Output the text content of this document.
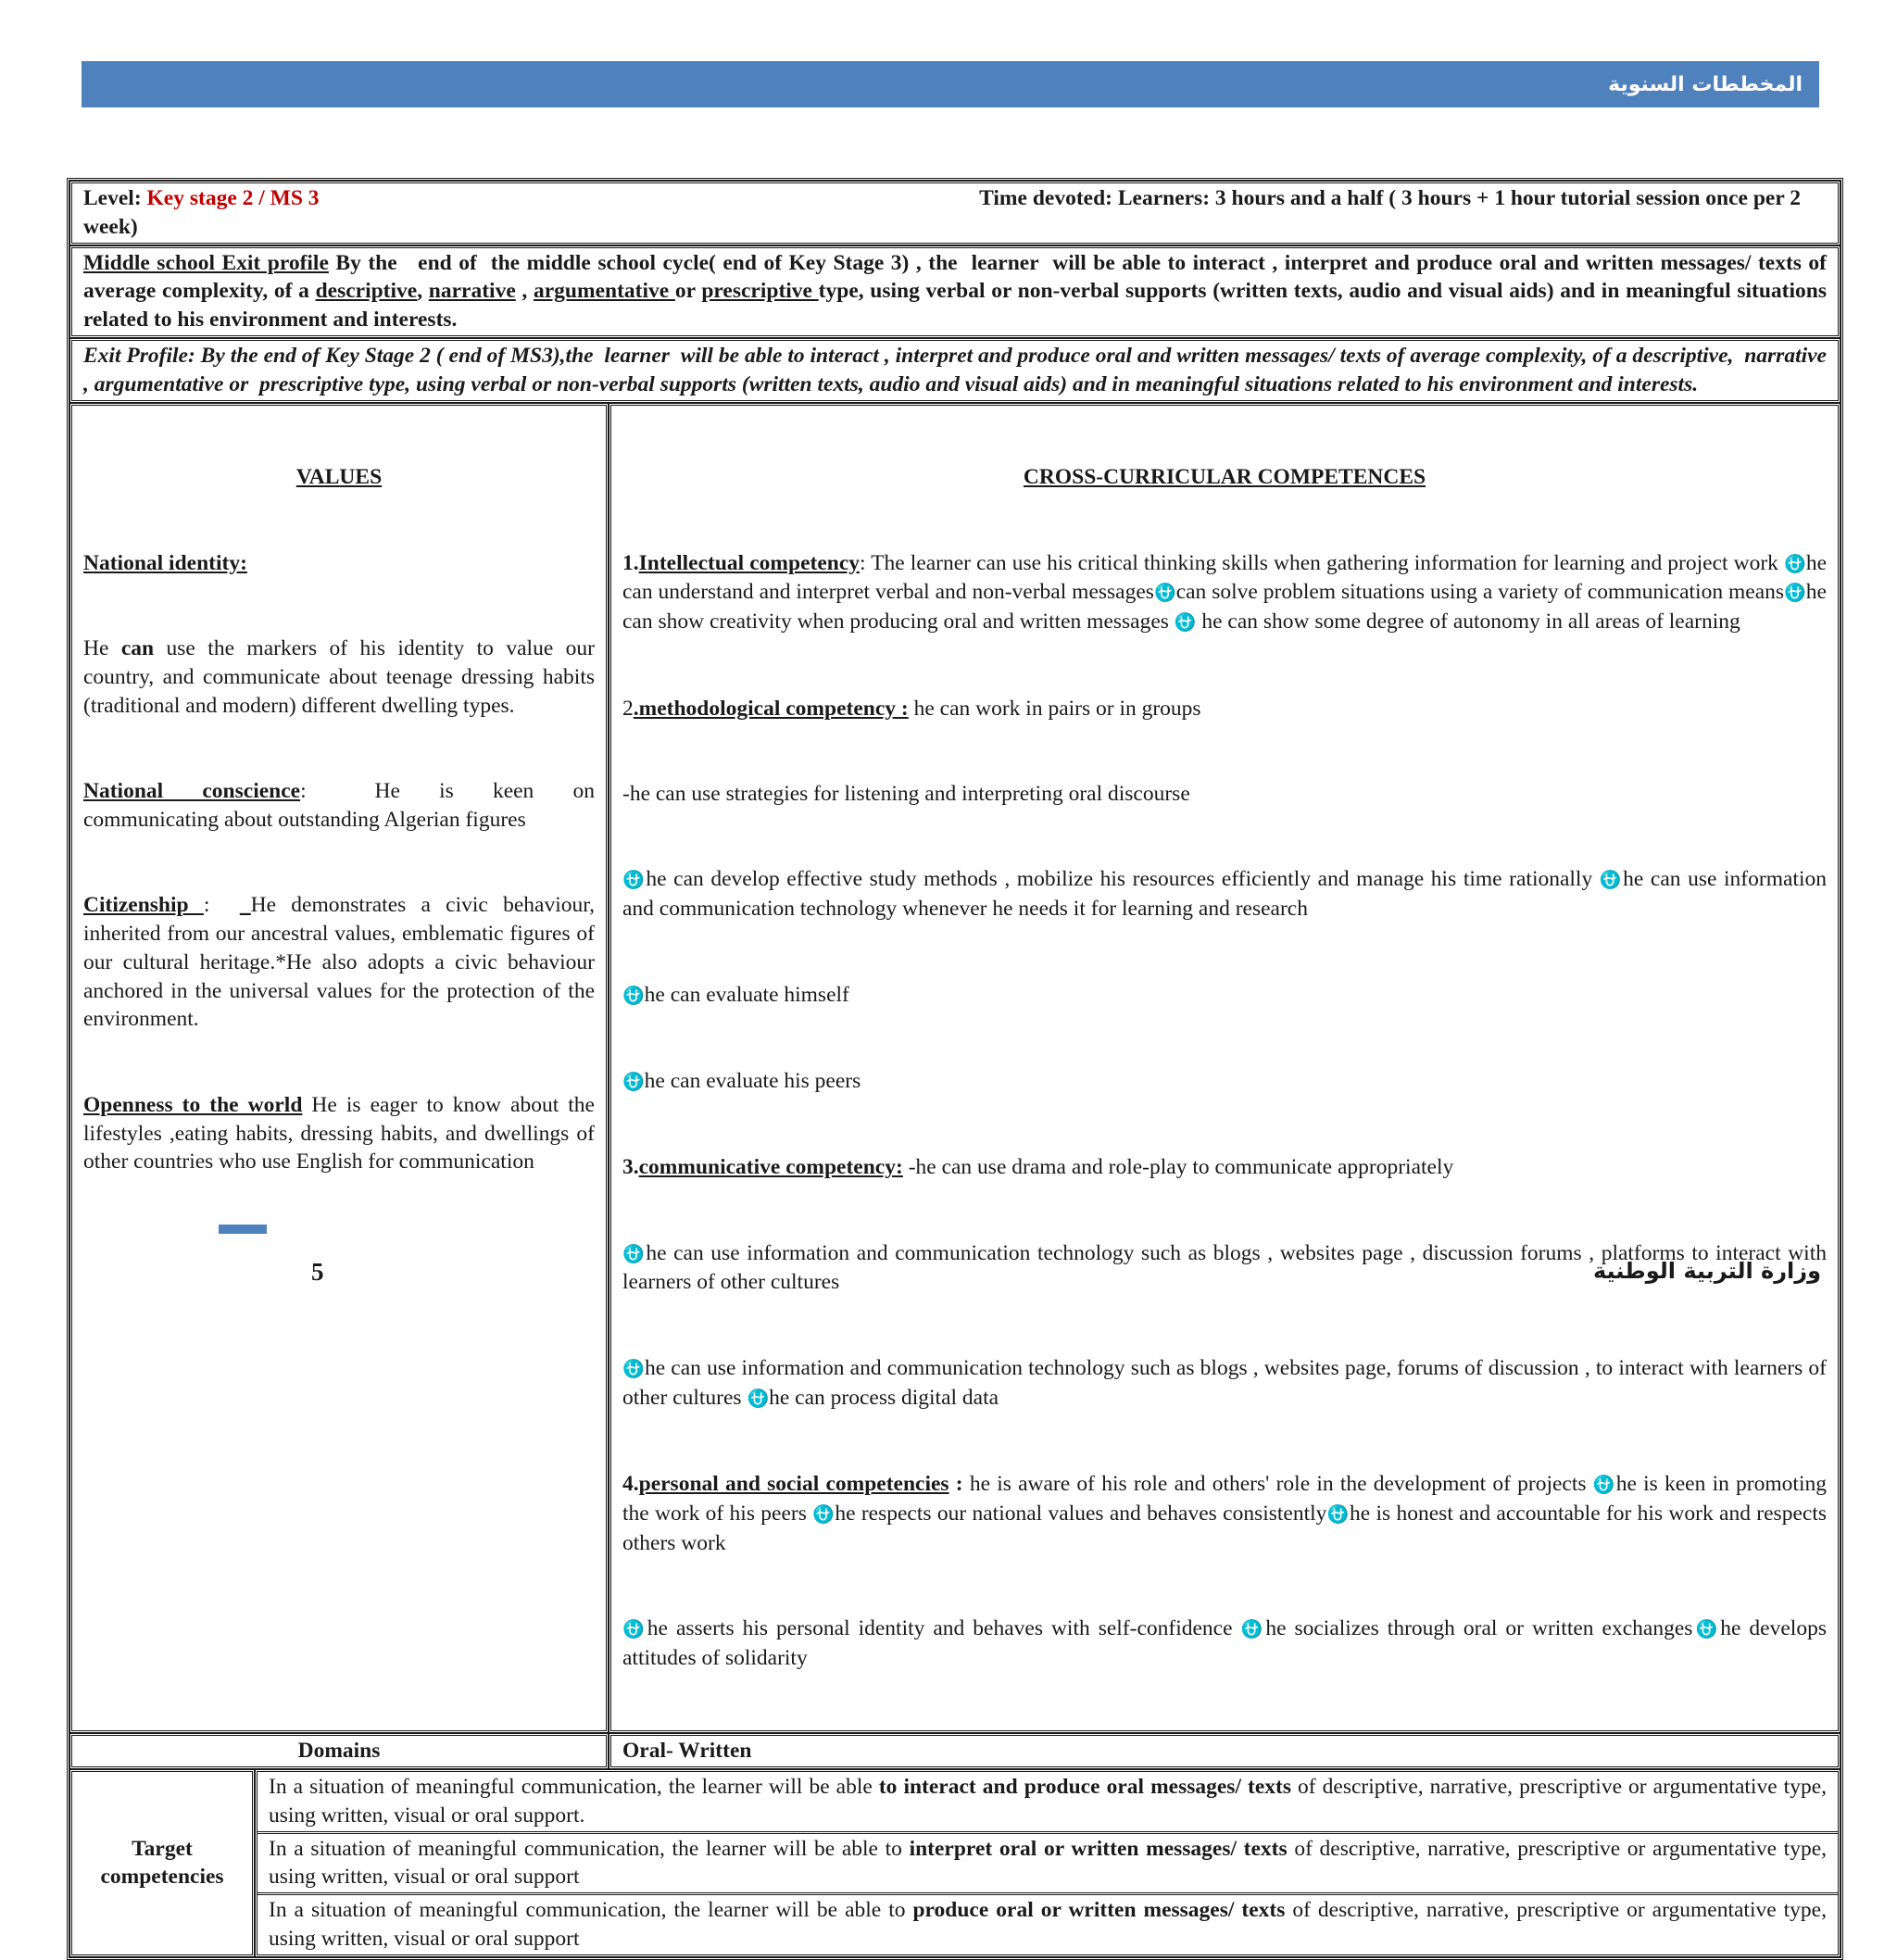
المخططات السنوية
Level: Key stage 2 / MS 3	Time devoted: Learners: 3 hours and a half ( 3 hours + 1 hour tutorial session once per 2
week)

Middle school Exit profile By the   end of  the middle school cycle( end of Key Stage 3) , the  learner  will be able to interact , interpret and produce oral and written messages/ texts of average complexity, of a descriptive, narrative , argumentative or prescriptive type, using verbal or non-verbal supports (written texts, audio and visual aids) and in meaningful situations related to his environment and interests.
Exit Profile: By the end of Key Stage 2 ( end of MS3),the  learner  will be able to interact , interpret and produce oral and written messages/ texts of average complexity, of a descriptive,  narrative , argumentative or  prescriptive type, using verbal or non-verbal supports (written texts, audio and visual aids) and in meaningful situations related to his environment and interests.

VALUES

National identity:

He can use the markers of his identity to value our country, and communicate about teenage dressing habits (traditional and modern) different dwelling types.

National    conscience:       He    is    keen    on communicating about outstanding Algerian figures

Citizenship :  _He demonstrates a civic behaviour, inherited from our ancestral values, emblematic figures of our cultural heritage.*He also adopts a civic behaviour anchored in the universal values for the protection of the environment.

Openness to the world He is eager to know about the lifestyles ,eating habits, dressing habits, and dwellings of other countries who use English for communication

CROSS-CURRICULAR COMPETENCES

1.Intellectual competency: The learner can use his critical thinking skills when gathering information for learning and project work ⛎he can understand and interpret verbal and non-verbal messages⛎can solve problem situations using a variety of communication means⛎he can show creativity when producing oral and written messages ⛎ he can show some degree of autonomy in all areas of learning

2.methodological competency : he can work in pairs or in groups

-he can use strategies for listening and interpreting oral discourse

⛎he can develop effective study methods , mobilize his resources efficiently and manage his time rationally ⛎he can use information and communication technology whenever he needs it for learning and research

⛎he can evaluate himself

⛎he can evaluate his peers

3.communicative competency: -he can use drama and role-play to communicate appropriately

⛎he can use information and communication technology such as blogs , websites page , discussion forums , platforms to interact with learners of other cultures

⛎he can use information and communication technology such as blogs , websites page, forums of discussion , to interact with learners of other cultures ⛎he can process digital data

4.personal and social competencies : he is aware of his role and others' role in the development of projects ⛎he is keen in promoting the work of his peers ⛎he respects our national values and behaves consistently⛎he is honest and accountable for his work and respects others work

⛎he asserts his personal identity and behaves with self-confidence ⛎he socializes through oral or written exchanges⛎he develops attitudes of solidarity

Domains	Oral- Written
Target competencies	
In a situation of meaningful communication, the learner will be able to interact and produce oral messages/ texts of descriptive, narrative, prescriptive or argumentative type, using written, visual or oral support.
In a situation of meaningful communication, the learner will be able to interpret oral or written messages/ texts of descriptive, narrative, prescriptive or argumentative type, using written, visual or oral support
In a situation of meaningful communication, the learner will be able to produce oral or written messages/ texts of descriptive, narrative, prescriptive or argumentative type, using written, visual or oral support
5	وزارة التربية الوطنية
